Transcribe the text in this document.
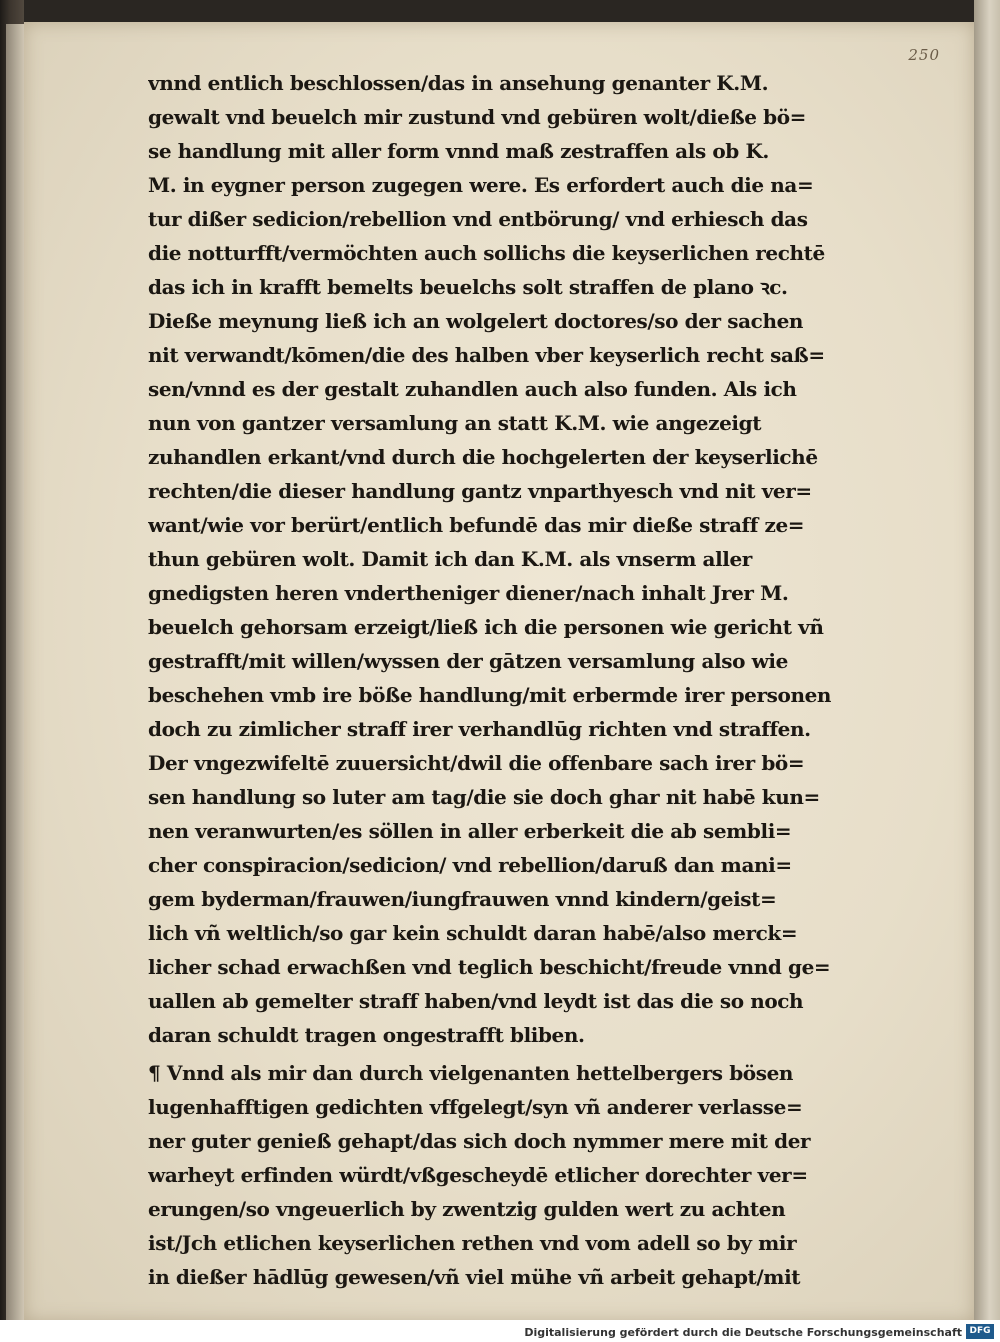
250
vnnd entlich beschlossen/das in ansehung genanter K.M.
gewalt vnd beuelch mir zustund vnd gebüren wolt/dieße bö=
se handlung mit aller form vnnd maß zestraffen als ob K.
M. in eygner person zugegen were. Es erfordert auch die na=
tur dißer sedicion/rebellion vnd entbörung/ vnd erhiesch das
die notturfft/vermöchten auch sollichs die keyserlichen rechtē
das ich in krafft bemelts beuelchs solt straffen de plano ꝛc.
Dieße meynung ließ ich an wolgelert doctores/so der sachen
nit verwandt/kōmen/die des halben vber keyserlich recht saß=
sen/vnnd es der gestalt zuhandlen auch also funden. Als ich
nun von gantzer versamlung an statt K.M. wie angezeigt
zuhandlen erkant/vnd durch die hochgelerten der keyserlichē
rechten/die dieser handlung gantz vnparthyesch vnd nit ver=
want/wie vor berürt/entlich befundē das mir dieße straff ze=
thun gebüren wolt. Damit ich dan K.M. als vnserm aller
gnedigsten heren vndertheniger diener/nach inhalt Jrer M.
beuelch gehorsam erzeigt/ließ ich die personen wie gericht vñ
gestrafft/mit willen/wyssen der gātzen versamlung also wie
beschehen vmb ire böße handlung/mit erbermde irer personen
doch zu zimlicher straff irer verhandlūg richten vnd straffen.
Der vngezwifeltē zuuersicht/dwil die offenbare sach irer bö=
sen handlung so luter am tag/die sie doch ghar nit habē kun=
nen veranwurten/es söllen in aller erberkeit die ab sembli=
cher conspiracion/sedicion/ vnd rebellion/daruß dan mani=
gem byderman/frauwen/iungfrauwen vnnd kindern/geist=
lich vñ weltlich/so gar kein schuldt daran habē/also merck=
licher schad erwachßen vnd teglich beschicht/freude vnnd ge=
uallen ab gemelter straff haben/vnd leydt ist das die so noch
daran schuldt tragen ongestrafft bliben.
¶ Vnnd als mir dan durch vielgenanten hettelbergers bösen
lugenhafftigen gedichten vffgelegt/syn vñ anderer verlasse=
ner guter genieß gehapt/das sich doch nymmer mere mit der
warheyt erfinden würdt/vßgescheydē etlicher dorechter ver=
erungen/so vngeuerlich by zwentzig gulden wert zu achten
ist/Jch etlichen keyserlichen rethen vnd vom adell so by mir
in dießer hādlūg gewesen/vñ viel mühe vñ arbeit gehapt/mit
Digitalisierung gefördert durch die Deutsche Forschungsgemeinschaft DFG
